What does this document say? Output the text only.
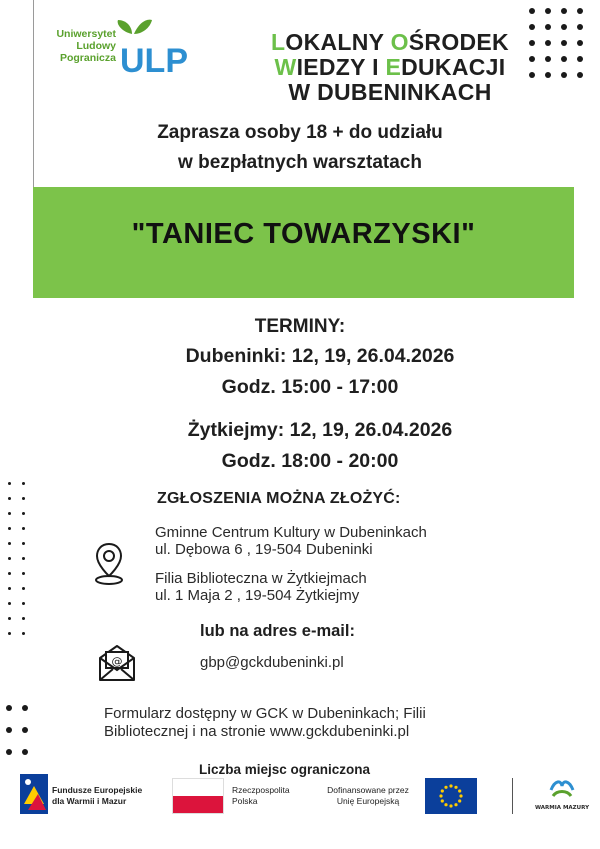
Uniwersytet
Ludowy
Pogranicza ULP	LOKALNY OŚRODEK
WIEDZY I EDUKACJI
W DUBENINKACH
Zaprasza osoby 18 + do udziału
w bezpłatnych warsztatach
"TANIEC TOWARZYSKI"
TERMINY:
Dubeninki: 12, 19, 26.04.2026
Godz. 15:00 - 17:00
Żytkiejmy: 12, 19, 26.04.2026
Godz. 18:00 - 20:00
ZGŁOSZENIA MOŻNA ZŁOŻYĆ:
Gminne Centrum Kultury w Dubeninkach
ul. Dębowa 6 , 19-504 Dubeninki
Filia Biblioteczna w Żytkiejmach
ul. 1 Maja 2 , 19-504 Żytkiejmy
lub na adres e-mail:
@	gbp@gckdubeninki.pl
Formularz dostępny w GCK w Dubeninkach; Filii
Bibliotecznej i na stronie www.gckdubeninki.pl
Liczba miejsc ograniczona
Fundusze Europejskie
dla Warmii i Mazur
Rzeczpospolita
Polska
Dofinansowane przez
Unię Europejską
WARMIA MAZURY
